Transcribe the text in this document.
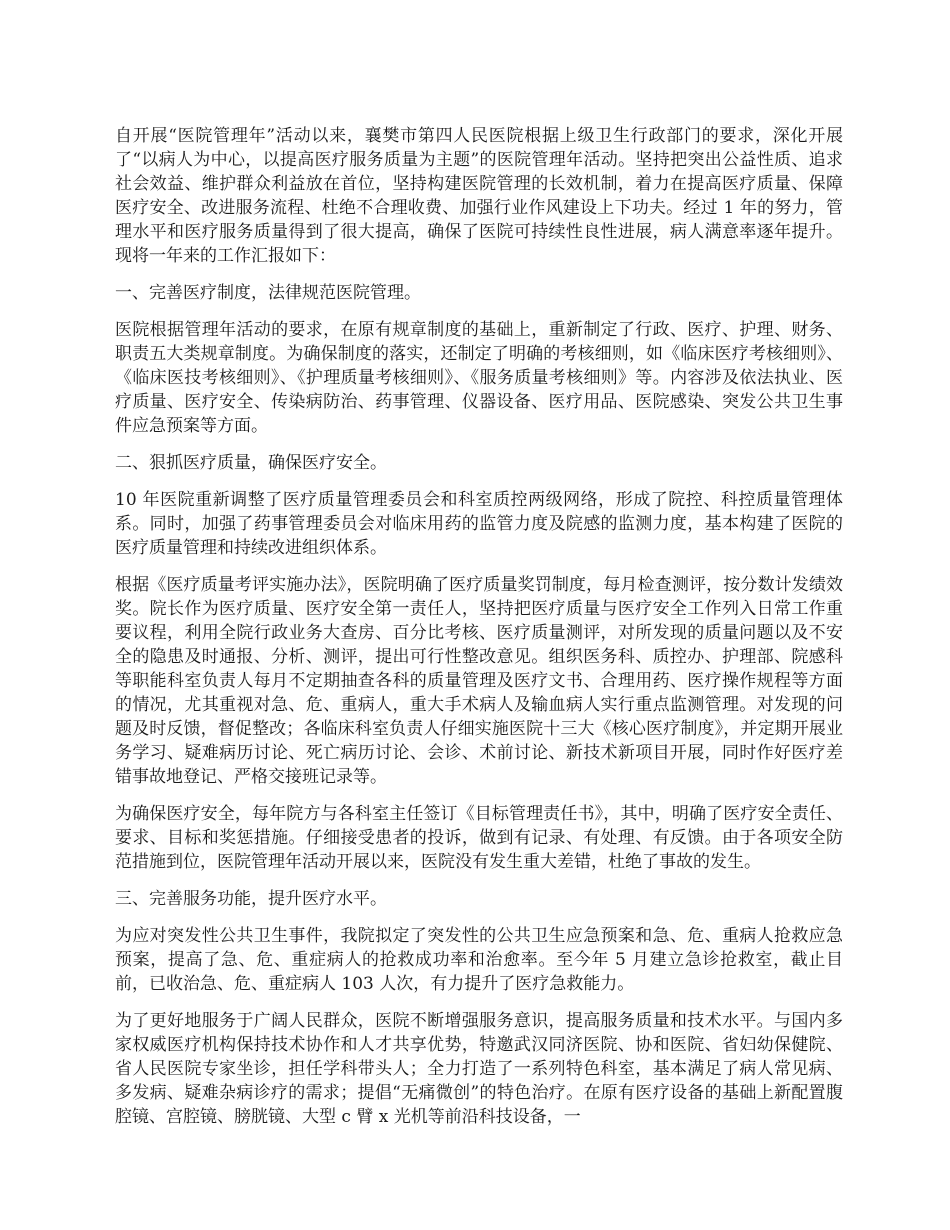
自开展“医院管理年”活动以来，襄樊市第四人民医院根据上级卫生行政部门的要求，深化开展了“以病人为中心，以提高医疗服务质量为主题”的医院管理年活动。坚持把突出公益性质、追求社会效益、维护群众利益放在首位，坚持构建医院管理的长效机制，着力在提高医疗质量、保障医疗安全、改进服务流程、杜绝不合理收费、加强行业作风建设上下功夫。经过 1 年的努力，管理水平和医疗服务质量得到了很大提高，确保了医院可持续性良性进展，病人满意率逐年提升。现将一年来的工作汇报如下：

一、完善医疗制度，法律规范医院管理。

医院根据管理年活动的要求，在原有规章制度的基础上，重新制定了行政、医疗、护理、财务、职责五大类规章制度。为确保制度的落实，还制定了明确的考核细则，如《临床医疗考核细则》、《临床医技考核细则》、《护理质量考核细则》、《服务质量考核细则》等。内容涉及依法执业、医疗质量、医疗安全、传染病防治、药事管理、仪器设备、医疗用品、医院感染、突发公共卫生事件应急预案等方面。

二、狠抓医疗质量，确保医疗安全。

10 年医院重新调整了医疗质量管理委员会和科室质控两级网络，形成了院控、科控质量管理体系。同时，加强了药事管理委员会对临床用药的监管力度及院感的监测力度，基本构建了医院的医疗质量管理和持续改进组织体系。

根据《医疗质量考评实施办法》，医院明确了医疗质量奖罚制度，每月检查测评，按分数计发绩效奖。院长作为医疗质量、医疗安全第一责任人，坚持把医疗质量与医疗安全工作列入日常工作重要议程，利用全院行政业务大查房、百分比考核、医疗质量测评，对所发现的质量问题以及不安全的隐患及时通报、分析、测评，提出可行性整改意见。组织医务科、质控办、护理部、院感科等职能科室负责人每月不定期抽查各科的质量管理及医疗文书、合理用药、医疗操作规程等方面的情况，尤其重视对急、危、重病人，重大手术病人及输血病人实行重点监测管理。对发现的问题及时反馈，督促整改；各临床科室负责人仔细实施医院十三大《核心医疗制度》，并定期开展业务学习、疑难病历讨论、死亡病历讨论、会诊、术前讨论、新技术新项目开展，同时作好医疗差错事故地登记、严格交接班记录等。

为确保医疗安全，每年院方与各科室主任签订《目标管理责任书》，其中，明确了医疗安全责任、要求、目标和奖惩措施。仔细接受患者的投诉，做到有记录、有处理、有反馈。由于各项安全防范措施到位，医院管理年活动开展以来，医院没有发生重大差错，杜绝了事故的发生。

三、完善服务功能，提升医疗水平。

为应对突发性公共卫生事件，我院拟定了突发性的公共卫生应急预案和急、危、重病人抢救应急预案，提高了急、危、重症病人的抢救成功率和治愈率。至今年 5 月建立急诊抢救室，截止目前，已收治急、危、重症病人 103 人次，有力提升了医疗急救能力。

为了更好地服务于广阔人民群众，医院不断增强服务意识，提高服务质量和技术水平。与国内多家权威医疗机构保持技术协作和人才共享优势，特邀武汉同济医院、协和医院、省妇幼保健院、省人民医院专家坐诊，担任学科带头人；全力打造了一系列特色科室，基本满足了病人常见病、多发病、疑难杂病诊疗的需求；提倡“无痛微创”的特色治疗。在原有医疗设备的基础上新配置腹腔镜、宫腔镜、膀胱镜、大型 c 臂 x 光机等前沿科技设备，一
